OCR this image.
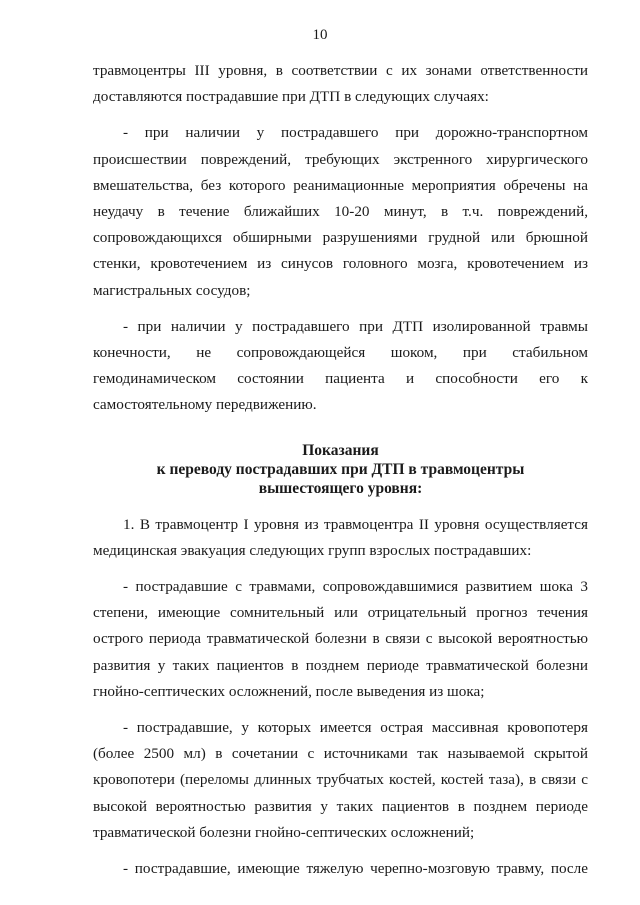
10

травмоцентры III уровня, в соответствии с их зонами ответственности доставляются пострадавшие при ДТП в следующих случаях:

- при наличии у пострадавшего при дорожно-транспортном происшествии повреждений, требующих экстренного хирургического вмешательства, без которого реанимационные мероприятия обречены на неудачу в течение ближайших 10-20 минут, в т.ч. повреждений, сопровождающихся обширными разрушениями грудной или брюшной стенки, кровотечением из синусов головного мозга, кровотечением из магистральных сосудов;

- при наличии у пострадавшего при ДТП изолированной травмы конечности, не сопровождающейся шоком, при стабильном гемодинамическом состоянии пациента и способности его к самостоятельному передвижению.

Показания
к переводу пострадавших при ДТП в травмоцентры
вышестоящего уровня:

1. В травмоцентр I уровня из травмоцентра II уровня осуществляется медицинская эвакуация следующих групп взрослых пострадавших:

- пострадавшие с травмами, сопровождавшимися развитием шока 3 степени, имеющие сомнительный или отрицательный прогноз течения острого периода травматической болезни в связи с высокой вероятностью развития у таких пациентов в позднем периоде травматической болезни гнойно-септических осложнений, после выведения из шока;

- пострадавшие, у которых имеется острая массивная кровопотеря (более 2500 мл) в сочетании с источниками так называемой скрытой кровопотери (переломы длинных трубчатых костей, костей таза), в связи с высокой вероятностью развития у таких пациентов в позднем периоде травматической болезни гнойно-септических осложнений;

- пострадавшие, имеющие тяжелую черепно-мозговую травму, после
